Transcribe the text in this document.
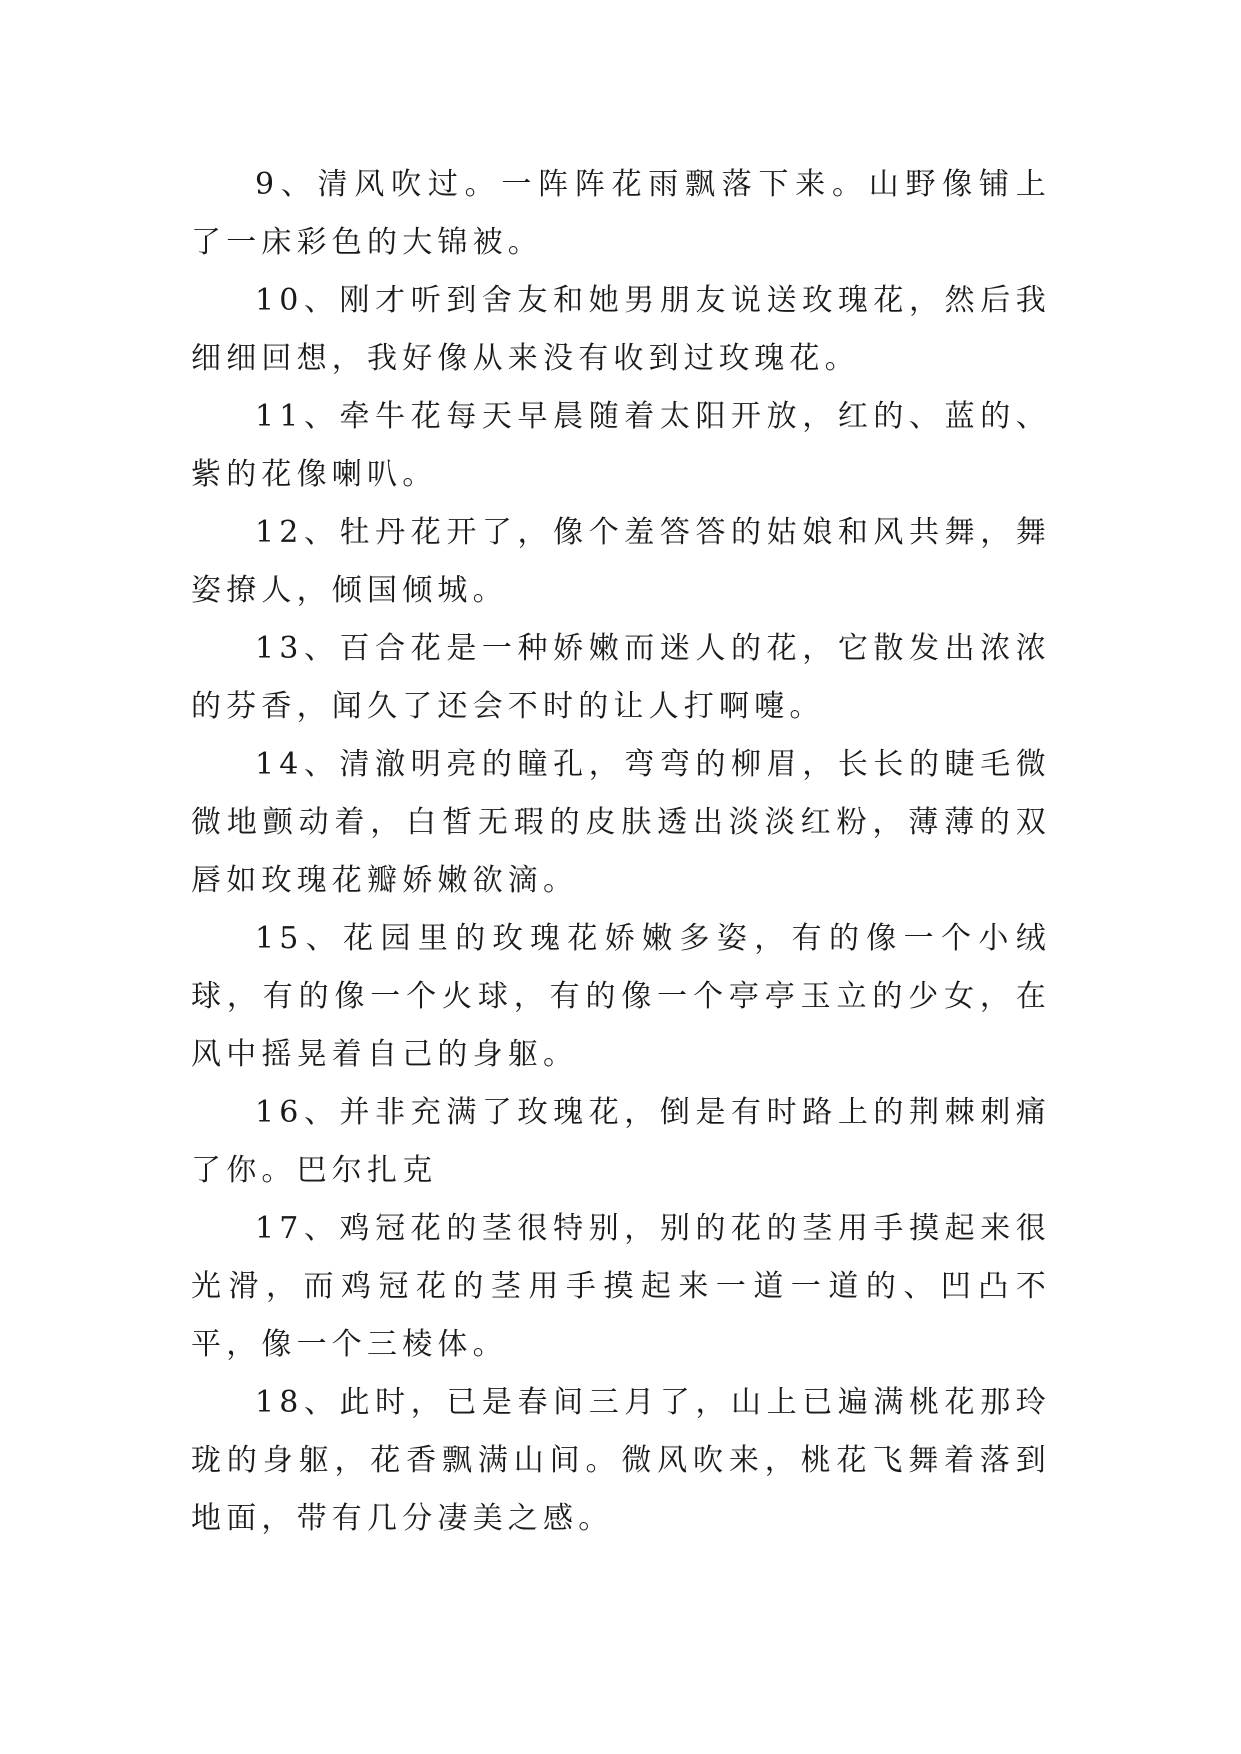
9、清风吹过。一阵阵花雨飘落下来。山野像铺上了一床彩色的大锦被。

10、刚才听到舍友和她男朋友说送玫瑰花，然后我细细回想，我好像从来没有收到过玫瑰花。

11、牵牛花每天早晨随着太阳开放，红的、蓝的、紫的花像喇叭。

12、牡丹花开了，像个羞答答的姑娘和风共舞，舞姿撩人，倾国倾城。

13、百合花是一种娇嫩而迷人的花，它散发出浓浓的芬香，闻久了还会不时的让人打啊嚏。

14、清澈明亮的瞳孔，弯弯的柳眉，长长的睫毛微微地颤动着，白皙无瑕的皮肤透出淡淡红粉，薄薄的双唇如玫瑰花瓣娇嫩欲滴。

15、花园里的玫瑰花娇嫩多姿，有的像一个小绒球，有的像一个火球，有的像一个亭亭玉立的少女，在风中摇晃着自己的身躯。

16、并非充满了玫瑰花，倒是有时路上的荆棘刺痛了你。巴尔扎克

17、鸡冠花的茎很特别，别的花的茎用手摸起来很光滑，而鸡冠花的茎用手摸起来一道一道的、凹凸不平，像一个三棱体。

18、此时，已是春间三月了，山上已遍满桃花那玲珑的身躯，花香飘满山间。微风吹来，桃花飞舞着落到地面，带有几分凄美之感。
